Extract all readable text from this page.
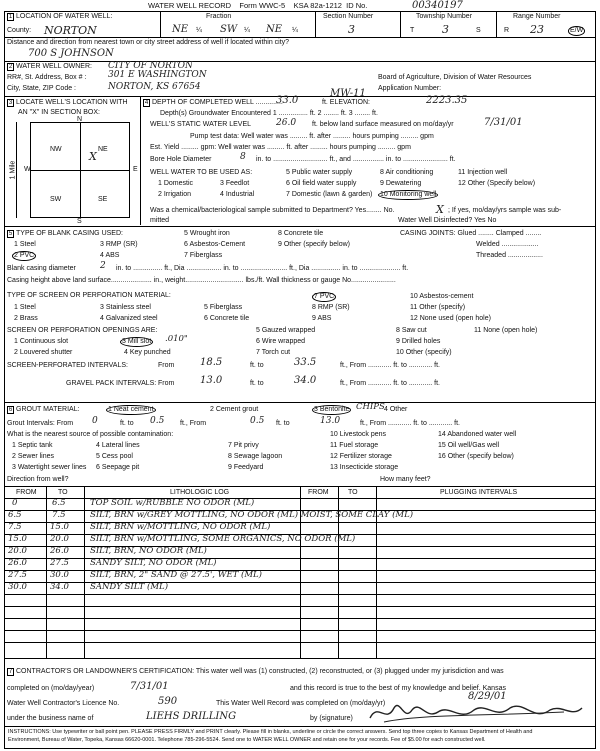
WATER WELL RECORD Form WWC-5 KSA 82a-1212 ID No.	00340197
1 LOCATION OF WATER WELL:	Fraction	Section Number	Township Number	Range Number
County: NORTON	NE ¼ SW ¼ NE ¼	3	T	3	S	R 23	E/W
Distance and direction from nearest town or city street address of well if located within city?
700 S JOHNSON
2 WATER WELL OWNER: CITY OF NORTON
RR#, St. Address, Box # : 301 E WASHINGTON
City, State, ZIP Code :	NORTON, KS 67654
Board of Agriculture, Division of Water Resources
Application Number:
MW-11
3 LOCATE WELL'S LOCATION WITH
AN "X" IN SECTION BOX:
N
S
W	E
NW	NE
SW	SE
X
1 Mile
4 DEPTH OF COMPLETED WELL ..............
33.0	ft. ELEVATION:	2223.35
Depth(s) Groundwater Encountered 1 ............... ft. 2 ........ ft. 3 ........ ft.
WELL'S STATIC WATER LEVEL	26.0 ft. below land surface measured on mo/day/yr	7/31/01
Pump test data: Well water was ......... ft. after ......... hours pumping ......... gpm
Est. Yield ......... gpm: Well water was ......... ft. after ......... hours pumping ......... gpm
Bore Hole Diameter	8 in. to ............................ ft., and ................ in. to ....................... ft.
WELL WATER TO BE USED AS:	5 Public water supply	8 Air conditioning	11 Injection well
1 Domestic	3 Feedlot	6 Oil field water supply	9 Dewatering	12 Other (Specify below)
2 Irrigation	4 Industrial	7 Domestic (lawn & garden) 10 Monitoring well
Was a chemical/bacteriological sample submitted to Department? Yes........ No.	X ; If yes, mo/day/yrs sample was sub-
mitted	Water Well Disinfected? Yes No
5 TYPE OF BLANK CASING USED:	5 Wrought iron	8 Concrete tile	CASING JOINTS: Glued ........ Clamped ........
1 Steel	3 RMP (SR)	6 Asbestos-Cement	9 Other (specify below)	Welded ...................
2 PVC	4 ABS	7 Fiberglass	Threaded ..................
Blank casing diameter	2 in. to ............... ft., Dia .................. in. to ........................ ft., Dia ............... in. to ..................... ft.
Casing height above land surface..................... in., weight.............................. lbs./ft. Wall thickness or gauge No.......................
TYPE OF SCREEN OR PERFORATION MATERIAL:
1 Steel	3 Stainless steel	5 Fiberglass
7 PVC	10 Asbestos-cement
2 Brass	4 Galvanized steel	6 Concrete tile
8 RMP (SR)	11 Other (specify)
9 ABS	12 None used (open hole)
SCREEN OR PERFORATION OPENINGS ARE:	5 Gauzed wrapped	8 Saw cut	11 None (open hole)
1 Continuous slot	3 Mill slot .010"	6 Wire wrapped	9 Drilled holes
2 Louvered shutter	4 Key punched	7 Torch cut	10 Other (specify)
SCREEN-PERFORATED INTERVALS:	From	18.5	ft. to	33.5	ft., From ............ ft. to ............ ft.
GRAVEL PACK INTERVALS: From	13.0	ft. to	34.0	ft., From ............ ft. to ............ ft.
6 GROUT MATERIAL:	1 Neat cement	2 Cement grout	3 Bentonite CHIPS 4 Other
Grout Intervals: From 0	ft. to 0.5 ft., From	0.5 ft. to	13.0	ft., From ............ ft. to ............ ft.
What is the nearest source of possible contamination:
1 Septic tank	4 Lateral lines	7 Pit privy
10 Livestock pens	14 Abandoned water well
2 Sewer lines	5 Cess pool	8 Sewage lagoon
11 Fuel storage	15 Oil well/Gas well
3 Watertight sewer lines 6 Seepage pit	9 Feedyard
12 Fertilizer storage	16 Other (specify below)
13 Insecticide storage
Direction from well?	How many feet?
FROM	TO	LITHOLOGIC LOG	FROM	TO	PLUGGING INTERVALS
0	6.5	TOP SOIL w/RUBBLE NO ODOR (ML)
6.5	7.5	SILT, BRN w/GREY MOTTLING, NO ODOR (ML) MOIST, SOME CLAY (ML)
7.5	15.0 SILT, BRN w/MOTTLING, NO ODOR (ML)
15.0	20.0 SILT, BRN w/MOTTLING, SOME ORGANICS, NO ODOR (ML)
20.0	26.0 SILT, BRN, NO ODOR (ML)
26.0	27.5 SANDY SILT, NO ODOR (ML)
27.5	30.0 SILT, BRN, 2" SAND @ 27.5', WET (ML)
30.0	34.0 SANDY SILT (ML)
7 CONTRACTOR'S OR LANDOWNER'S CERTIFICATION: This water well was (1) constructed, (2) reconstructed, or (3) plugged under my jurisdiction and was
completed on (mo/day/year)	7/31/01	and this record is true to the best of my knowledge and belief. Kansas
Water Well Contractor's Licence No.	590	This Water Well Record was completed on (mo/day/yr)
8/29/01
under the business name of	LIEHS DRILLING	by (signature)
INSTRUCTIONS: Use typewriter or ball point pen. PLEASE PRESS FIRMLY and PRINT clearly. Please fill in blanks, underline or circle the correct answers. Send top three copies to Kansas Department of Health and
Environment, Bureau of Water, Topeka, Kansas 66620-0001. Telephone 785-296-5524. Send one to WATER WELL OWNER and retain one for your records. Fee of $5.00 for each constructed well.
